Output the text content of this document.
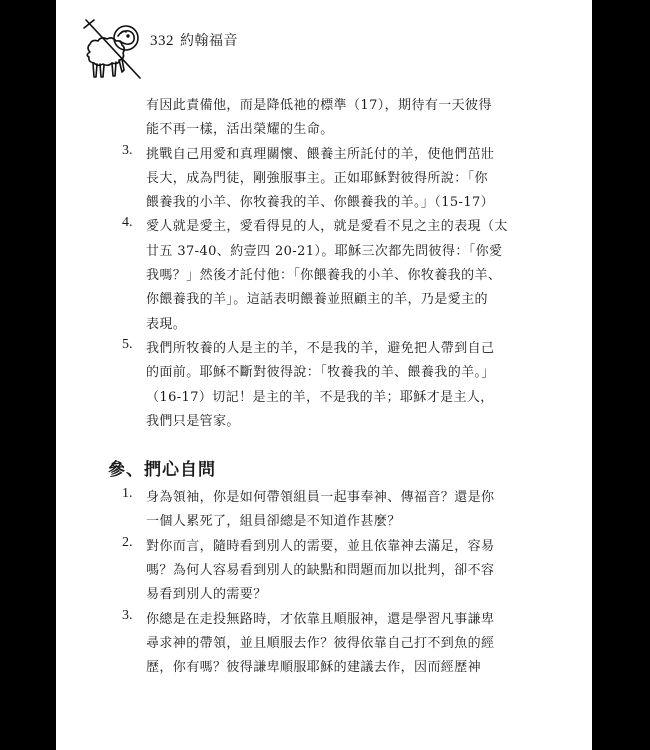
332 約翰福音
有因此責備他，而是降低祂的標準（17），期待有一天彼得
能不再一樣，活出榮耀的生命。
3.	挑戰自己用愛和真理關懷、餵養主所託付的羊，使他們茁壯
長大，成為門徒，剛強服事主。正如耶穌對彼得所說：「你
餵養我的小羊、你牧養我的羊、你餵養我的羊。」（15-17）
4.	愛人就是愛主，愛看得見的人，就是愛看不見之主的表現（太
廿五 37-40、約壹四 20-21）。耶穌三次都先問彼得：「你愛
我嗎？」然後才託付他：「你餵養我的小羊、你牧養我的羊、
你餵養我的羊」。這話表明餵養並照顧主的羊，乃是愛主的
表現。
5.	我們所牧養的人是主的羊，不是我的羊，避免把人帶到自己
的面前。耶穌不斷對彼得說：「牧養我的羊、餵養我的羊。」
（16-17）切記！是主的羊，不是我的羊；耶穌才是主人，
我們只是管家。
參、捫心自問
1.	身為領袖，你是如何帶領組員一起事奉神、傳福音？還是你
一個人累死了，組員卻總是不知道作甚麼？
2.	對你而言，隨時看到別人的需要，並且依靠神去滿足，容易
嗎？為何人容易看到別人的缺點和問題而加以批判，卻不容
易看到別人的需要？
3.	你總是在走投無路時，才依靠且順服神，還是學習凡事謙卑
尋求神的帶領，並且順服去作？彼得依靠自己打不到魚的經
歷，你有嗎？彼得謙卑順服耶穌的建議去作，因而經歷神
